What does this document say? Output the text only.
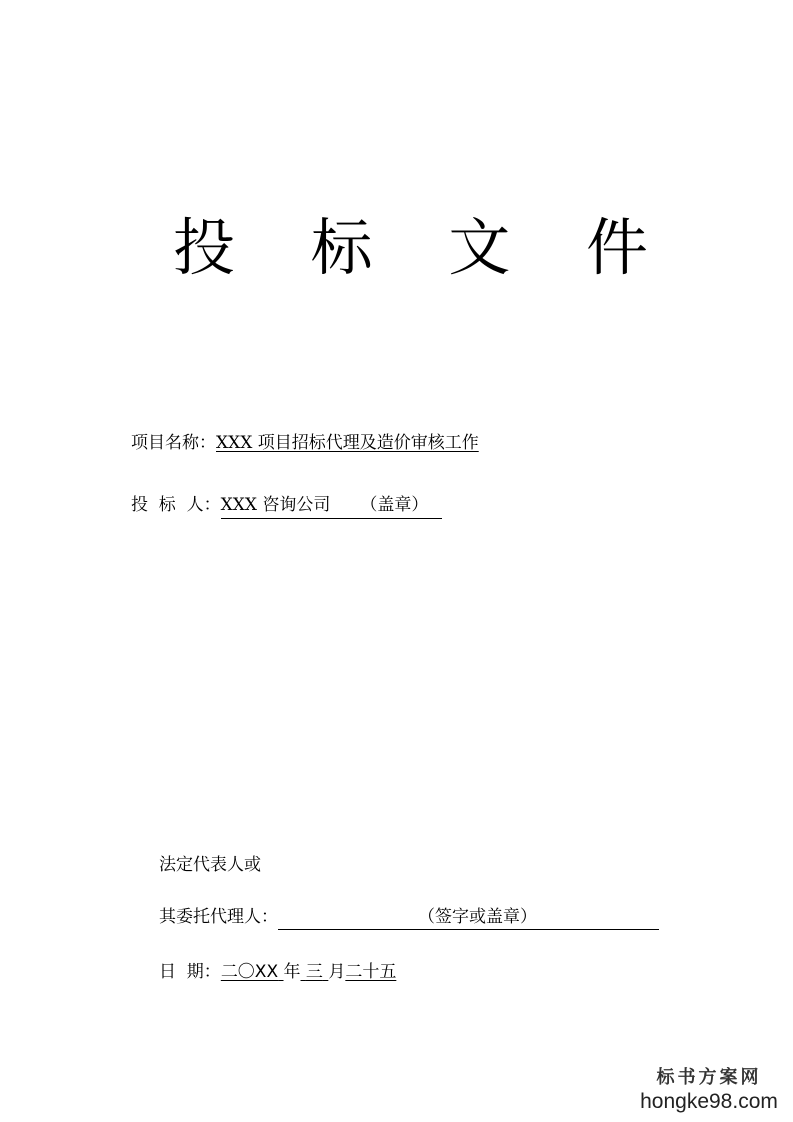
投 标 文 件
项目名称：XXX 项目招标代理及造价审核工作
投  标  人：XXX 咨询公司 （盖章）
法定代表人或
其委托代理人：	（签字或盖章）
日  期：二〇XX 年 三 月二十五
标书方案网
hongke98.com
